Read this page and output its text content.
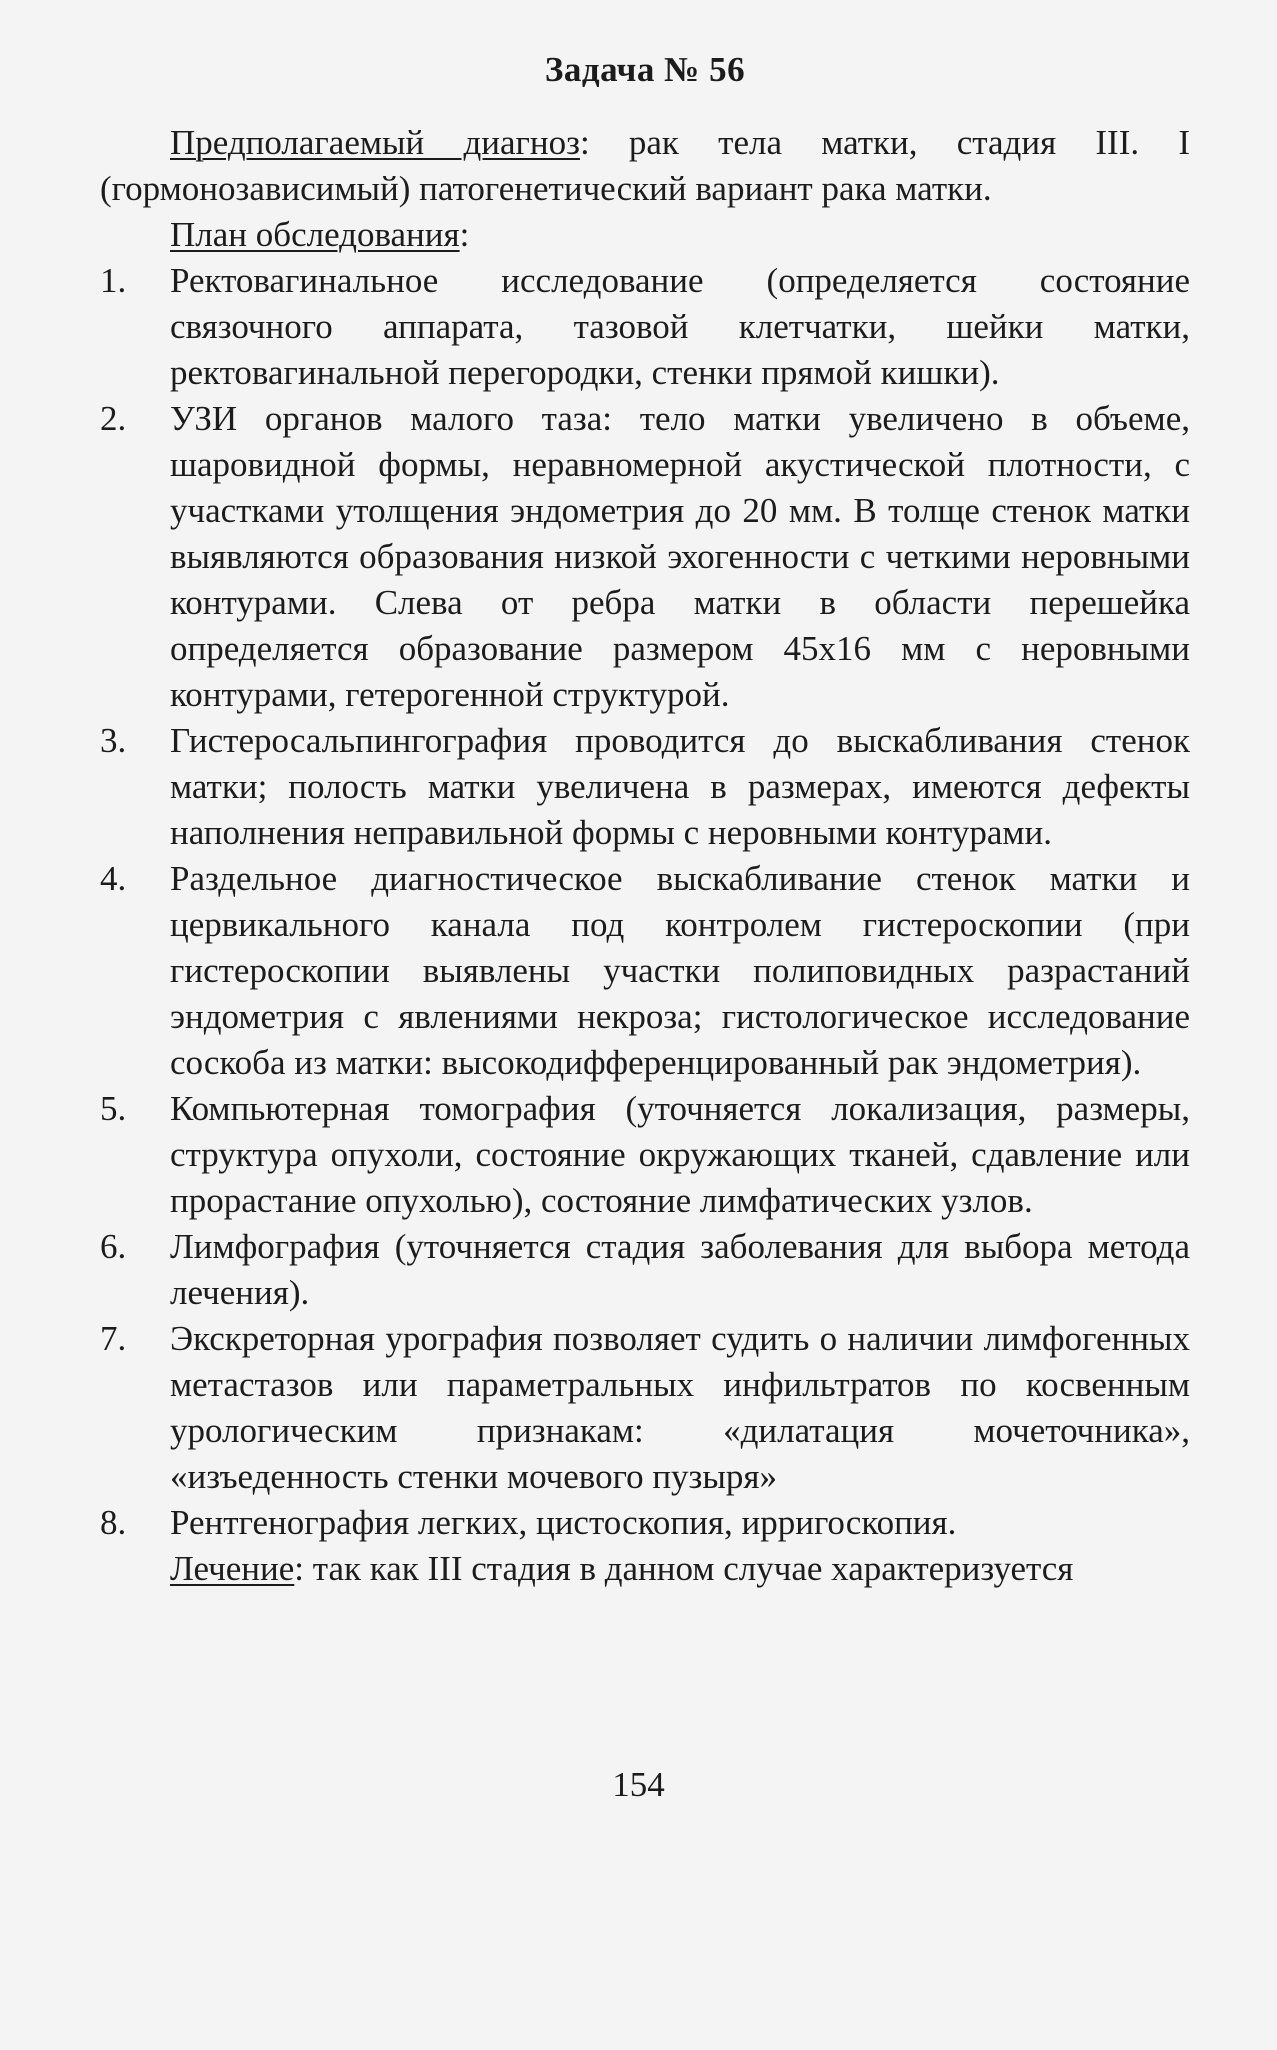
Задача № 56

Предполагаемый диагноз: рак тела матки, стадия III. I (гормонозависимый) патогенетический вариант рака матки.

План обследования:

1.	Ректовагинальное исследование (определяется состояние связочного аппарата, тазовой клетчатки, шейки матки, ректовагинальной перегородки, стенки прямой кишки).
2.	УЗИ органов малого таза: тело матки увеличено в объеме, шаровидной формы, неравномерной акустической плотности, с участками утолщения эндометрия до 20 мм. В толще стенок матки выявляются образования низкой эхогенности с четкими неровными контурами. Слева от ребра матки в области перешейка определяется образование размером 45х16 мм с неровными контурами, гетерогенной структурой.
3.	Гистеросальпингография проводится до выскабливания стенок матки; полость матки увеличена в размерах, имеются дефекты наполнения неправильной формы с неровными контурами.
4.	Раздельное диагностическое выскабливание стенок матки и цервикального канала под контролем гистероскопии (при гистероскопии выявлены участки полиповидных разрастаний эндометрия с явлениями некроза; гистологическое исследование соскоба из матки: высокодифференцированный рак эндометрия).
5.	Компьютерная томография (уточняется локализация, размеры, структура опухоли, состояние окружающих тканей, сдавление или прорастание опухолью), состояние лимфатических узлов.
6.	Лимфография (уточняется стадия заболевания для выбора метода лечения).
7.	Экскреторная урография позволяет судить о наличии лимфогенных метастазов или параметральных инфильтратов по косвенным урологическим признакам: «дилатация мочеточника», «изъеденность стенки мочевого пузыря»
8.	Рентгенография легких, цистоскопия, ирригоскопия.

Лечение: так как III стадия в данном случае характеризуется

154
